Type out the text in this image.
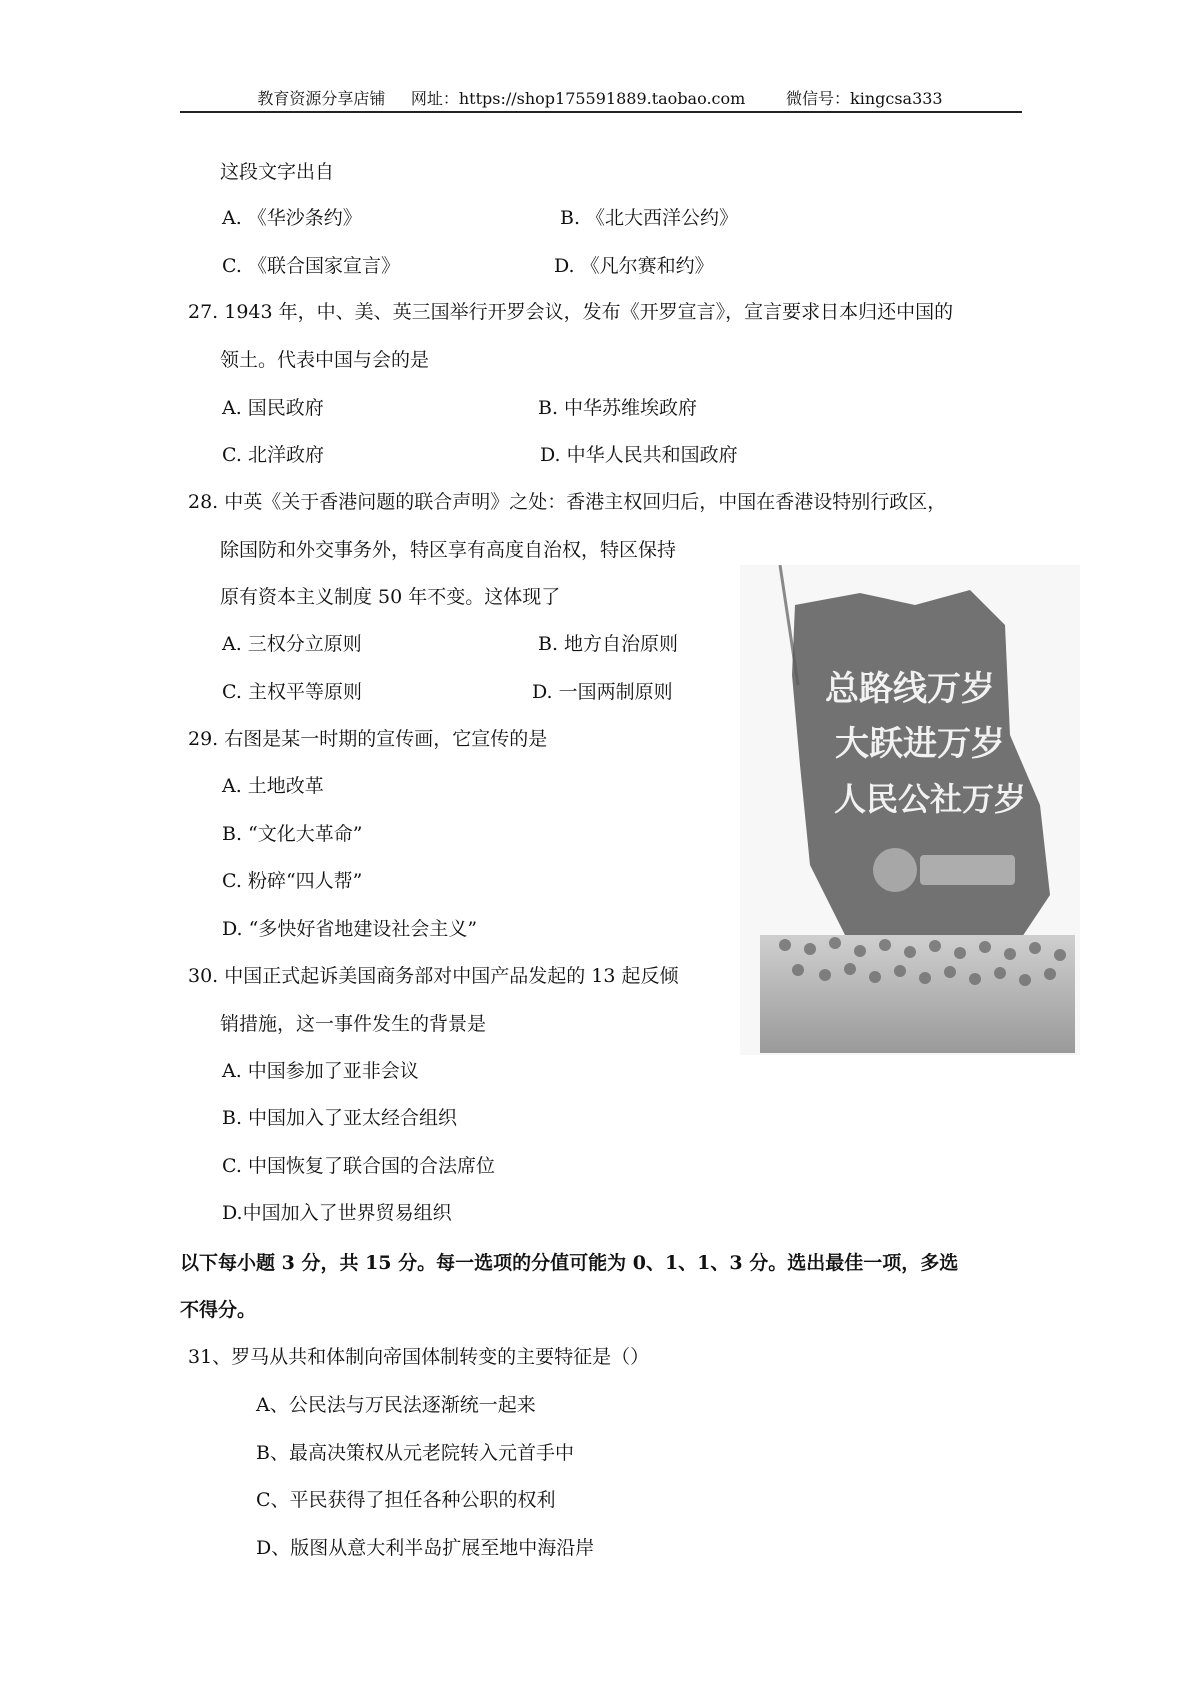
教育资源分享店铺 网址：https://shop175591889.taobao.com	微信号：kingcsa333
这段文字出自
A. 《华沙条约》	B. 《北大西洋公约》
C. 《联合国家宣言》	D. 《凡尔赛和约》
27. 1943 年，中、美、英三国举行开罗会议，发布《开罗宣言》，宣言要求日本归还中国的
领土。代表中国与会的是
A. 国民政府	B. 中华苏维埃政府
C. 北洋政府	D. 中华人民共和国政府
28. 中英《关于香港问题的联合声明》之处：香港主权回归后，中国在香港设特别行政区，
除国防和外交事务外，特区享有高度自治权，特区保持
原有资本主义制度 50 年不变。这体现了
A. 三权分立原则	B. 地方自治原则
C. 主权平等原则	D. 一国两制原则
29. 右图是某一时期的宣传画，它宣传的是
A. 土地改革
B. “文化大革命”
C. 粉碎“四人帮”
D. “多快好省地建设社会主义”
30. 中国正式起诉美国商务部对中国产品发起的 13 起反倾
销措施，这一事件发生的背景是
A. 中国参加了亚非会议
B. 中国加入了亚太经合组织
C. 中国恢复了联合国的合法席位
D.中国加入了世界贸易组织
以下每小题 3 分，共 15 分。每一选项的分值可能为 0、1、1、3 分。选出最佳一项，多选
不得分。
31、罗马从共和体制向帝国体制转变的主要特征是（）
A、公民法与万民法逐渐统一起来
B、最高决策权从元老院转入元首手中
C、平民获得了担任各种公职的权利
D、版图从意大利半岛扩展至地中海沿岸
总路线万岁
大跃进万岁
人民公社万岁
